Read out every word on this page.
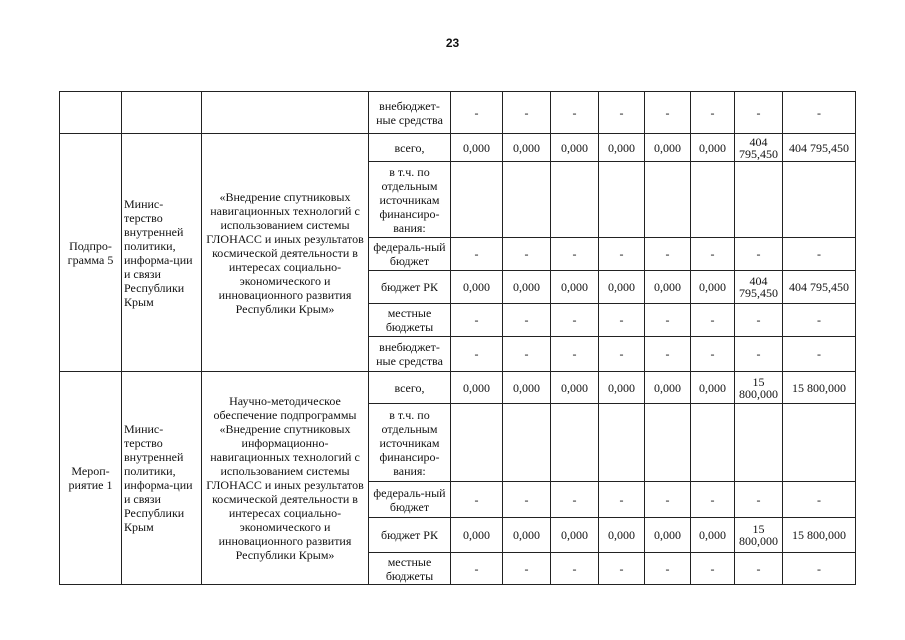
23
			внебюджет-ные средства	-	-	-	-	-	-	-	-
Подпро-грамма 5	Минис-терство внутренней политики, информа-ции и связи Республики Крым	«Внедрение спутниковых навигационных технологий с использованием системы ГЛОНАСС и иных результатов космической деятельности в интересах социально-экономического и инновационного развития Республики Крым»	всего,	0,000	0,000	0,000	0,000	0,000	0,000	404 795,450	404 795,450
			в т.ч. по отдельным источникам финансиро-вания:								
			федераль-ный бюджет	-	-	-	-	-	-	-	-
			бюджет РК	0,000	0,000	0,000	0,000	0,000	0,000	404 795,450	404 795,450
			местные бюджеты	-	-	-	-	-	-	-	-
			внебюджет-ные средства	-	-	-	-	-	-	-	-
Мероп-риятие 1	Минис-терство внутренней политики, информа-ции и связи Республики Крым	Научно-методическое обеспечение подпрограммы «Внедрение спутниковых информационно-навигационных технологий с использованием системы ГЛОНАСС и иных результатов космической деятельности в интересах социально-экономического и инновационного развития Республики Крым»	всего,	0,000	0,000	0,000	0,000	0,000	0,000	15 800,000	15 800,000
			в т.ч. по отдельным источникам финансиро-вания:								
			федераль-ный бюджет	-	-	-	-	-	-	-	-
			бюджет РК	0,000	0,000	0,000	0,000	0,000	0,000	15 800,000	15 800,000
			местные бюджеты	-	-	-	-	-	-	-	-
